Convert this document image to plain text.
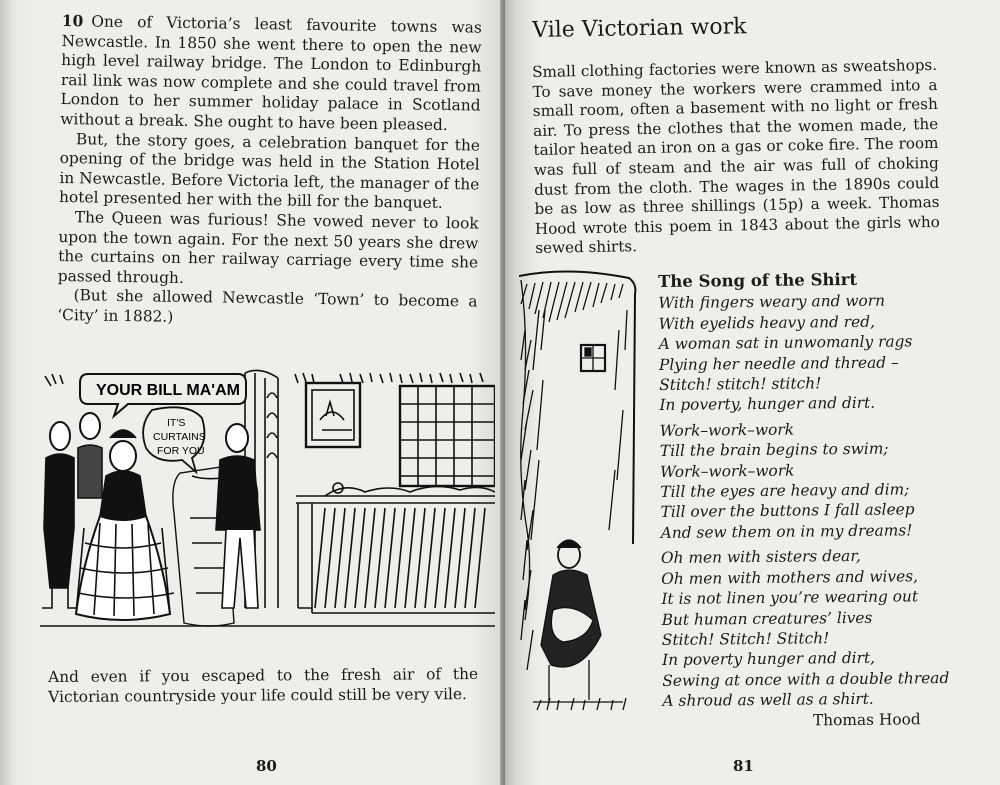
10 One of Victoria’s least favourite towns was Newcastle. In 1850 she went there to open the new high level railway bridge. The London to Edinburgh rail link was now complete and she could travel from London to her summer holiday palace in Scotland without a break. She ought to have been pleased.

But, the story goes, a celebration banquet for the opening of the bridge was held in the Station Hotel in Newcastle. Before Victoria left, the manager of the hotel presented her with the bill for the banquet.

The Queen was furious! She vowed never to look upon the town again. For the next 50 years she drew the curtains on her railway carriage every time she passed through.

(But she allowed Newcastle ‘Town’ to become a ‘City’ in 1882.)

YOUR BILL MA'AM
IT'S
CURTAINS
FOR YOU

And even if you escaped to the fresh air of the Victorian countryside your life could still be very vile.

80
Vile Victorian work

Small clothing factories were known as sweatshops. To save money the workers were crammed into a small room, often a basement with no light or fresh air. To press the clothes that the women made, the tailor heated an iron on a gas or coke fire. The room was full of steam and the air was full of choking dust from the cloth. The wages in the 1890s could be as low as three shillings (15p) a week. Thomas Hood wrote this poem in 1843 about the girls who sewed shirts.

The Song of the Shirt
With fingers weary and worn
With eyelids heavy and red,
A woman sat in unwomanly rags
Plying her needle and thread –
Stitch! stitch! stitch!
In poverty, hunger and dirt.
Work–work–work
Till the brain begins to swim;
Work–work–work
Till the eyes are heavy and dim;
Till over the buttons I fall asleep
And sew them on in my dreams!
Oh men with sisters dear,
Oh men with mothers and wives,
It is not linen you’re wearing out
But human creatures’ lives
Stitch! Stitch! Stitch!
In poverty hunger and dirt,
Sewing at once with a double thread
A shroud as well as a shirt.
Thomas Hood
81
